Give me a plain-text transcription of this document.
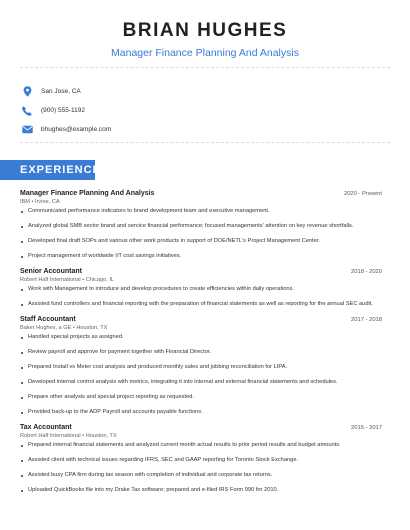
BRIAN HUGHES
Manager Finance Planning And Analysis
San Jose, CA
(900) 555-1192
bhughes@example.com
EXPERIENCE
Manager Finance Planning And Analysis	2020 - Present
IBM • Irvine, CA
Communicated performance indicators to brand development team and executive management.
Analyzed global SMB sector brand and service financial performance; focused managements' attention on key revenue shortfalls.
Developed final draft SOPs and various other work products in support of DOE/NETL's Project Management Center.
Project management of worldwide I/T cost savings initiatives.
Senior Accountant	2018 - 2020
Robert Half International • Chicago, IL
Work with Management to introduce and develop procedures to create efficiencies within daily operations.
Assisted fund controllers and financial reporting with the preparation of financial statements as well as reporting for the annual SEC audit.
Staff Accountant	2017 - 2018
Baker Hughes, a GE • Houston, TX
Handled special projects as assigned.
Review payroll and approve for payment together with Financial Director.
Prepared Install vs Meter cost analysis and produced monthly sales and jobbing reconciliation for LIPA.
Developed internal control analysis with metrics, integrating it into internal and external financial statements and schedules.
Prepare other analysis and special project reporting as requested.
Provided back-up to the ADP Payroll and accounts payable functions.
Tax Accountant	2015 - 2017
Robert Half International • Houston, TX
Prepared internal financial statements and analyzed current month actual results to prior period results and budget amounts.
Assisted client with technical issues regarding IFRS, SEC and GAAP reporting for Toronto Stock Exchange.
Assisted busy CPA firm during tax season with completion of individual and corporate tax returns.
Uploaded QuickBooks file into my Drake Tax software; prepared and e-filed IRS Form 990 for 2010.
